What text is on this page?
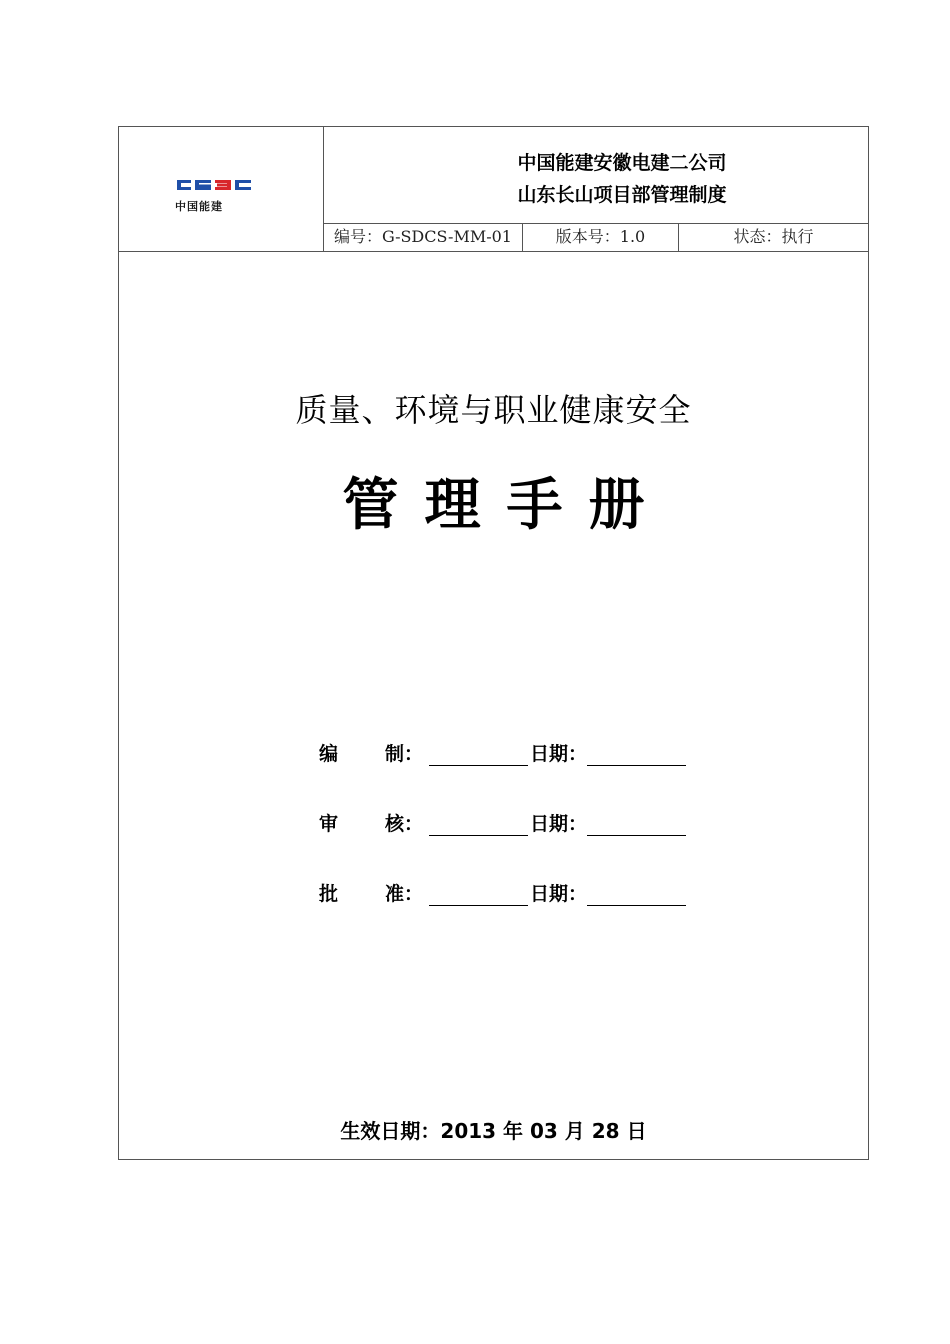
中国能建
中国能建安徽电建二公司
山东长山项目部管理制度
编号：G-SDCS-MM-01	版本号：1.0	状态：执行
质量、环境与职业健康安全
管理手册
编 制：	日期：
审 核：	日期：
批 准：	日期：
生效日期：2013 年 03 月 28 日
